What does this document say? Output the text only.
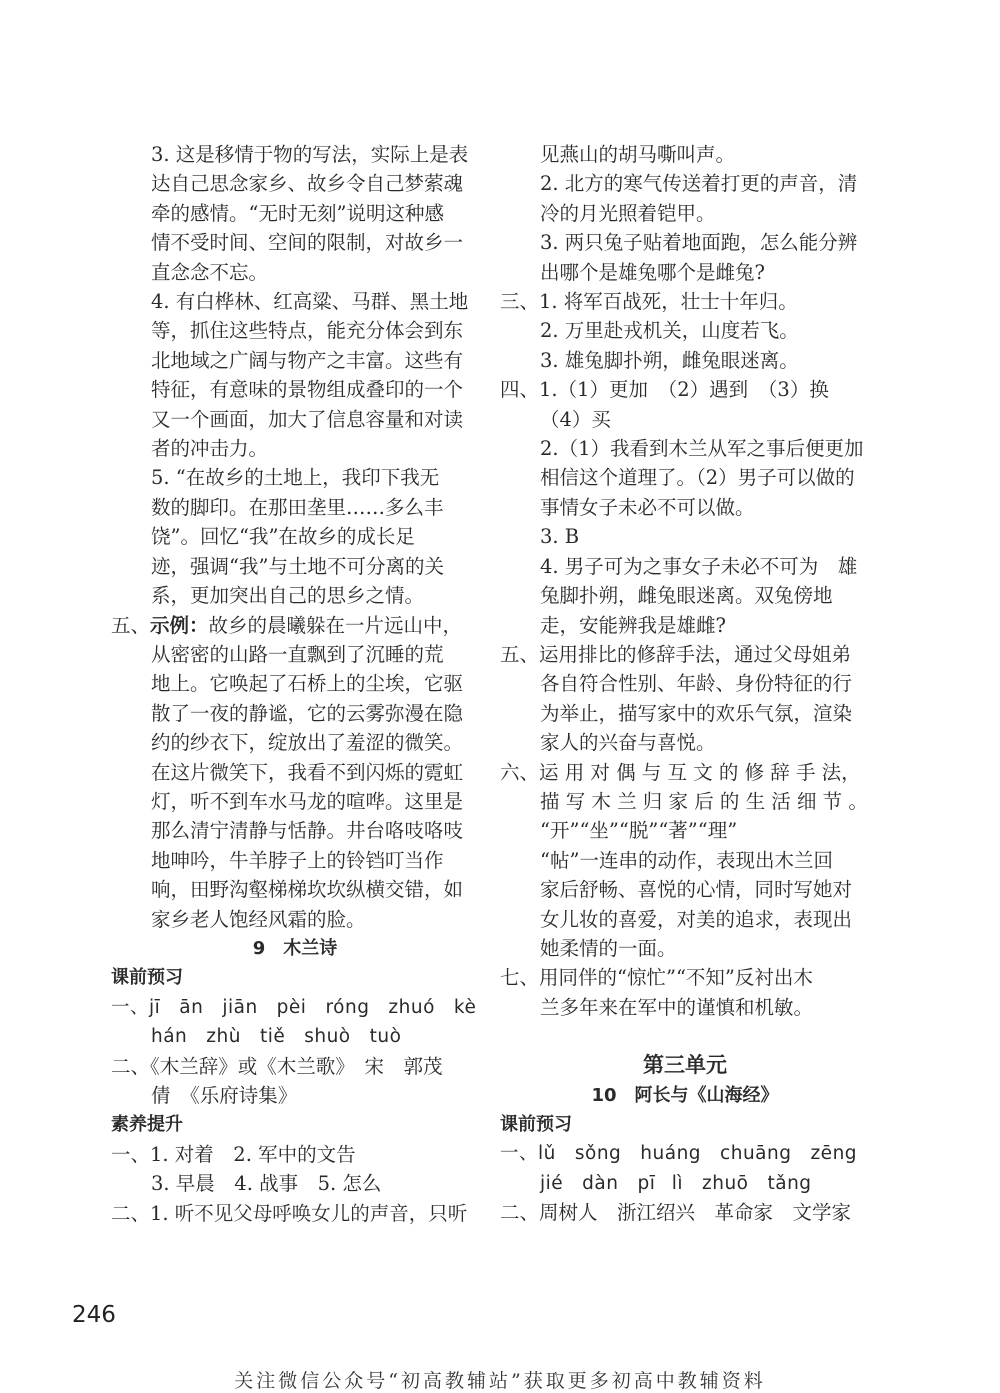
3. 这是移情于物的写法，实际上是表

达自己思念家乡、故乡令自己梦萦魂

牵的感情。“无时无刻”说明这种感

情不受时间、空间的限制，对故乡一

直念念不忘。

4. 有白桦林、红高粱、马群、黑土地

等，抓住这些特点，能充分体会到东

北地域之广阔与物产之丰富。这些有

特征，有意味的景物组成叠印的一个

又一个画面，加大了信息容量和对读

者的冲击力。

5. “在故乡的土地上，我印下我无

数的脚印。在那田垄里……多么丰

饶”。回忆“我”在故乡的成长足

迹，强调“我”与土地不可分离的关

系，更加突出自己的思乡之情。

五、示例：故乡的晨曦躲在一片远山中，

从密密的山路一直飘到了沉睡的荒

地上。它唤起了石桥上的尘埃，它驱

散了一夜的静谧，它的云雾弥漫在隐

约的纱衣下，绽放出了羞涩的微笑。

在这片微笑下，我看不到闪烁的霓虹

灯，听不到车水马龙的喧哗。这里是

那么清宁清静与恬静。井台咯吱咯吱

地呻吟，牛羊脖子上的铃铛叮当作

响，田野沟壑梯梯坎坎纵横交错，如

家乡老人饱经风霜的脸。

9　木兰诗

课前预习

一、jī　ān　jiān　pèi　róng　zhuó　kè

hán　zhù　tiě　shuò　tuò

二、《木兰辞》或《木兰歌》　宋　郭茂

倩　《乐府诗集》

素养提升

一、1. 对着　2. 军中的文告

3. 早晨　4. 战事　5. 怎么

二、1. 听不见父母呼唤女儿的声音，只听

见燕山的胡马嘶叫声。

2. 北方的寒气传送着打更的声音，清

冷的月光照着铠甲。

3. 两只兔子贴着地面跑，怎么能分辨

出哪个是雄兔哪个是雌兔?

三、1. 将军百战死，壮士十年归。

2. 万里赴戎机关，山度若飞。

3. 雄兔脚扑朔，雌兔眼迷离。

四、1.（1）更加　（2）遇到　（3）换

（4）买

2.（1）我看到木兰从军之事后便更加

相信这个道理了。（2）男子可以做的

事情女子未必不可以做。

3. B

4. 男子可为之事女子未必不可为　雄

兔脚扑朔，雌兔眼迷离。双兔傍地

走，安能辨我是雄雌?

五、运用排比的修辞手法，通过父母姐弟

各自符合性别、年龄、身份特征的行

为举止，描写家中的欢乐气氛，渲染

家人的兴奋与喜悦。

六、运 用 对 偶 与 互 文 的 修 辞 手 法，

描 写 木 兰 归 家 后 的 生 活 细 节 。

“开”“坐”“脱”“著”“理”

“帖”一连串的动作，表现出木兰回

家后舒畅、喜悦的心情，同时写她对

女儿妆的喜爱，对美的追求，表现出

她柔情的一面。

七、用同伴的“惊忙”“不知”反衬出木

兰多年来在军中的谨慎和机敏。

第三单元

10　阿长与《山海经》

课前预习

一、lǔ　sǒng　huáng　chuāng　zēng

jié　dàn　pī lì　zhuō　tǎng

二、周树人　浙江绍兴　革命家　文学家

246
关注微信公众号“初高教辅站”获取更多初高中教辅资料
